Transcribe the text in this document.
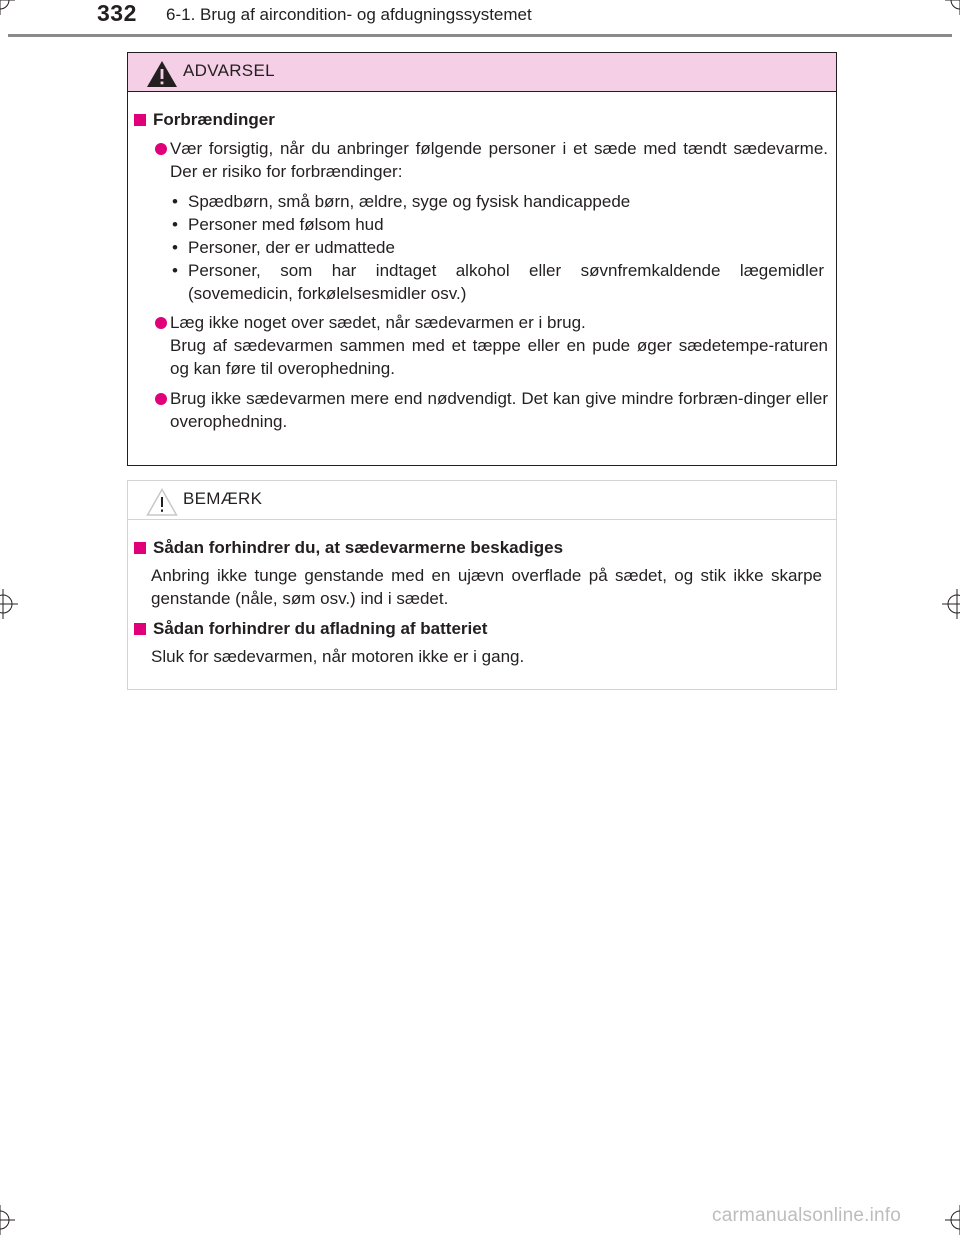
332 6-1. Brug af aircondition- og afdugningssystemet
ADVARSEL
Forbrændinger
Vær forsigtig, når du anbringer følgende personer i et sæde med tændt sædevarme. Der er risiko for forbrændinger:
• Spædbørn, små børn, ældre, syge og fysisk handicappede
• Personer med følsom hud
• Personer, der er udmattede
• Personer, som har indtaget alkohol eller søvnfremkaldende lægemidler (sovemedicin, forkølelsesmidler osv.)
Læg ikke noget over sædet, når sædevarmen er i brug.
Brug af sædevarmen sammen med et tæppe eller en pude øger sædetempe-raturen og kan føre til overophedning.
Brug ikke sædevarmen mere end nødvendigt. Det kan give mindre forbræn-dinger eller overophedning.
BEMÆRK
Sådan forhindrer du, at sædevarmerne beskadiges
Anbring ikke tunge genstande med en ujævn overflade på sædet, og stik ikke skarpe genstande (nåle, søm osv.) ind i sædet.
Sådan forhindrer du afladning af batteriet
Sluk for sædevarmen, når motoren ikke er i gang.
carmanualsonline.info
